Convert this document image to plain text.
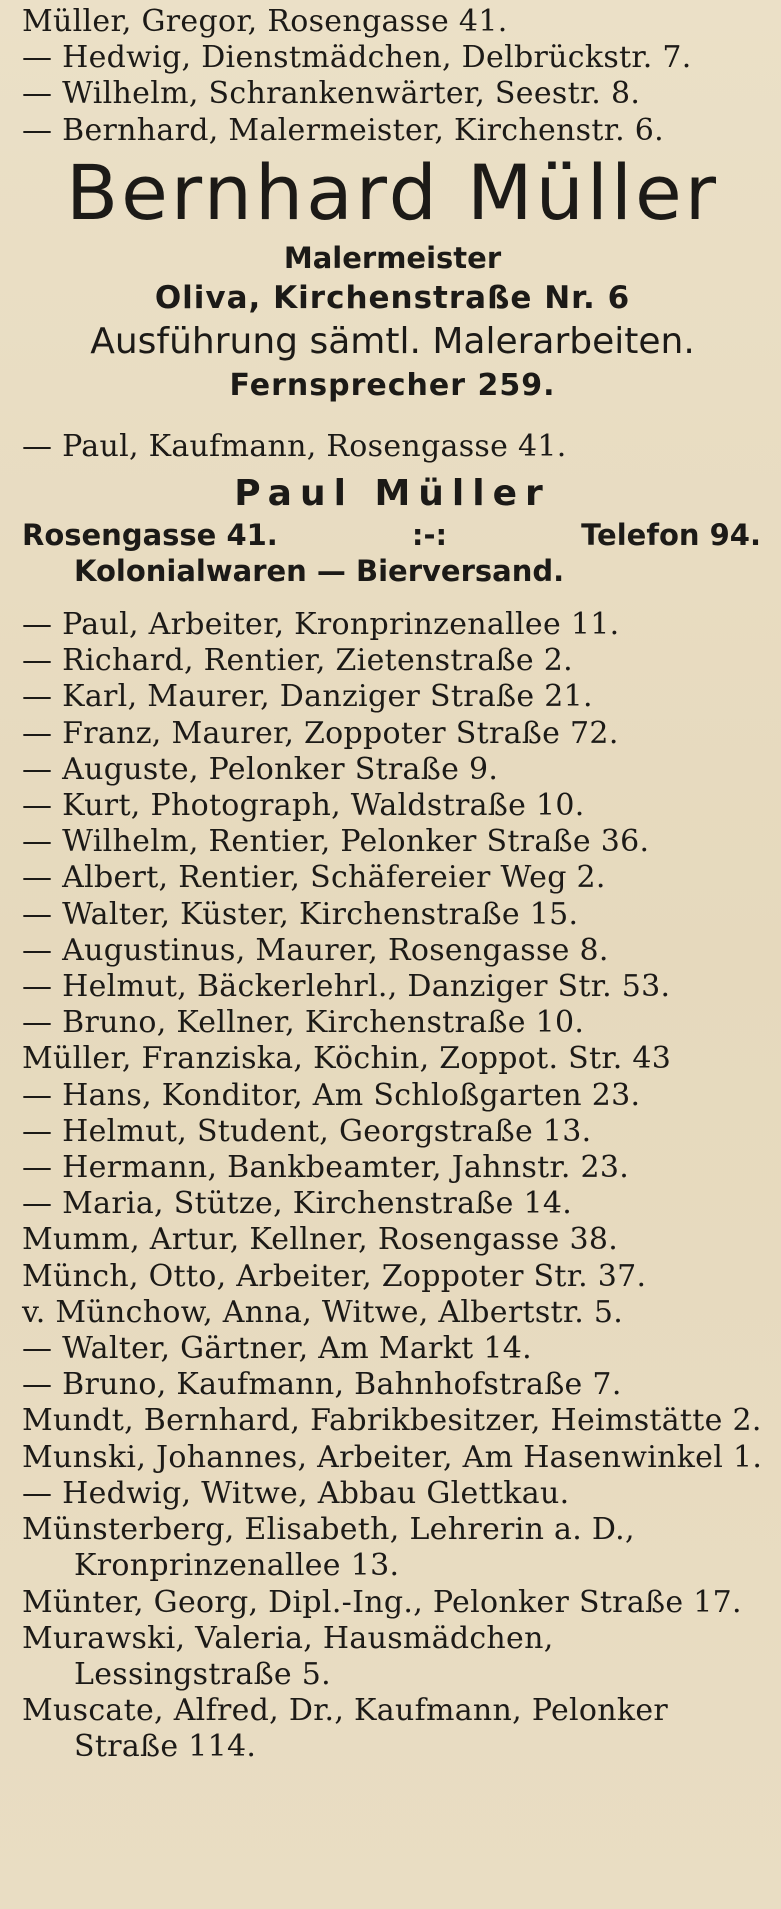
Müller, Gregor, Rosengasse 41.
— Hedwig, Dienstmädchen, Delbrückstr. 7.
— Wilhelm, Schrankenwärter, Seestr. 8.
— Bernhard, Malermeister, Kirchenstr. 6.
Bernhard Müller
Malermeister
Oliva, Kirchenstraße Nr. 6
Ausführung sämtl. Malerarbeiten.
Fernsprecher 259.
— Paul, Kaufmann, Rosengasse 41.
Paul Müller
Rosengasse 41.	:-:	Telefon 94.
Kolonialwaren — Bierversand.
— Paul, Arbeiter, Kronprinzenallee 11.
— Richard, Rentier, Zietenstraße 2.
— Karl, Maurer, Danziger Straße 21.
— Franz, Maurer, Zoppoter Straße 72.
— Auguste, Pelonker Straße 9.
— Kurt, Photograph, Waldstraße 10.
— Wilhelm, Rentier, Pelonker Straße 36.
— Albert, Rentier, Schäfereier Weg 2.
— Walter, Küster, Kirchenstraße 15.
— Augustinus, Maurer, Rosengasse 8.
— Helmut, Bäckerlehrl., Danziger Str. 53.
— Bruno, Kellner, Kirchenstraße 10.
Müller, Franziska, Köchin, Zoppot. Str. 43
— Hans, Konditor, Am Schloßgarten 23.
— Helmut, Student, Georgstraße 13.
— Hermann, Bankbeamter, Jahnstr. 23.
— Maria, Stütze, Kirchenstraße 14.
Mumm, Artur, Kellner, Rosengasse 38.
Münch, Otto, Arbeiter, Zoppoter Str. 37.
v. Münchow, Anna, Witwe, Albertstr. 5.
— Walter, Gärtner, Am Markt 14.
— Bruno, Kaufmann, Bahnhofstraße 7.
Mundt, Bernhard, Fabrikbesitzer, Heimstätte 2.
Munski, Johannes, Arbeiter, Am Hasenwinkel 1.
— Hedwig, Witwe, Abbau Glettkau.
Münsterberg, Elisabeth, Lehrerin a. D., Kronprinzenallee 13.
Münter, Georg, Dipl.-Ing., Pelonker Straße 17.
Murawski, Valeria, Hausmädchen, Lessingstraße 5.
Muscate, Alfred, Dr., Kaufmann, Pelonker Straße 114.
